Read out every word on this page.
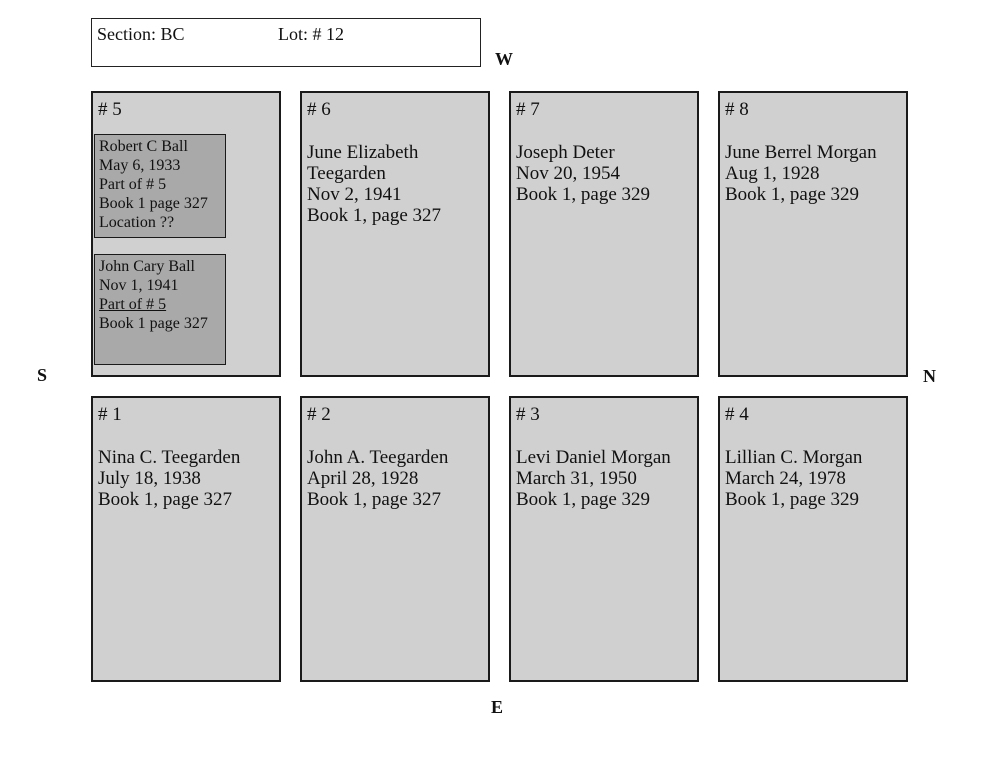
Section: BC	Lot: # 12
W
E
S	N
# 5
Robert C Ball
May 6, 1933
Part of # 5
Book 1 page 327
Location ??
John Cary Ball
Nov 1, 1941
Part of # 5
Book 1 page 327
# 6
June Elizabeth
Teegarden
Nov 2, 1941
Book 1, page 327
# 7
Joseph Deter
Nov 20, 1954
Book 1, page 329
# 8
June Berrel Morgan
Aug 1, 1928
Book 1, page 329
# 1
Nina C. Teegarden
July 18, 1938
Book 1, page 327
# 2
John A. Teegarden
April 28, 1928
Book 1, page 327
# 3
Levi Daniel Morgan
March 31, 1950
Book 1, page 329
# 4
Lillian C. Morgan
March 24, 1978
Book 1, page 329
